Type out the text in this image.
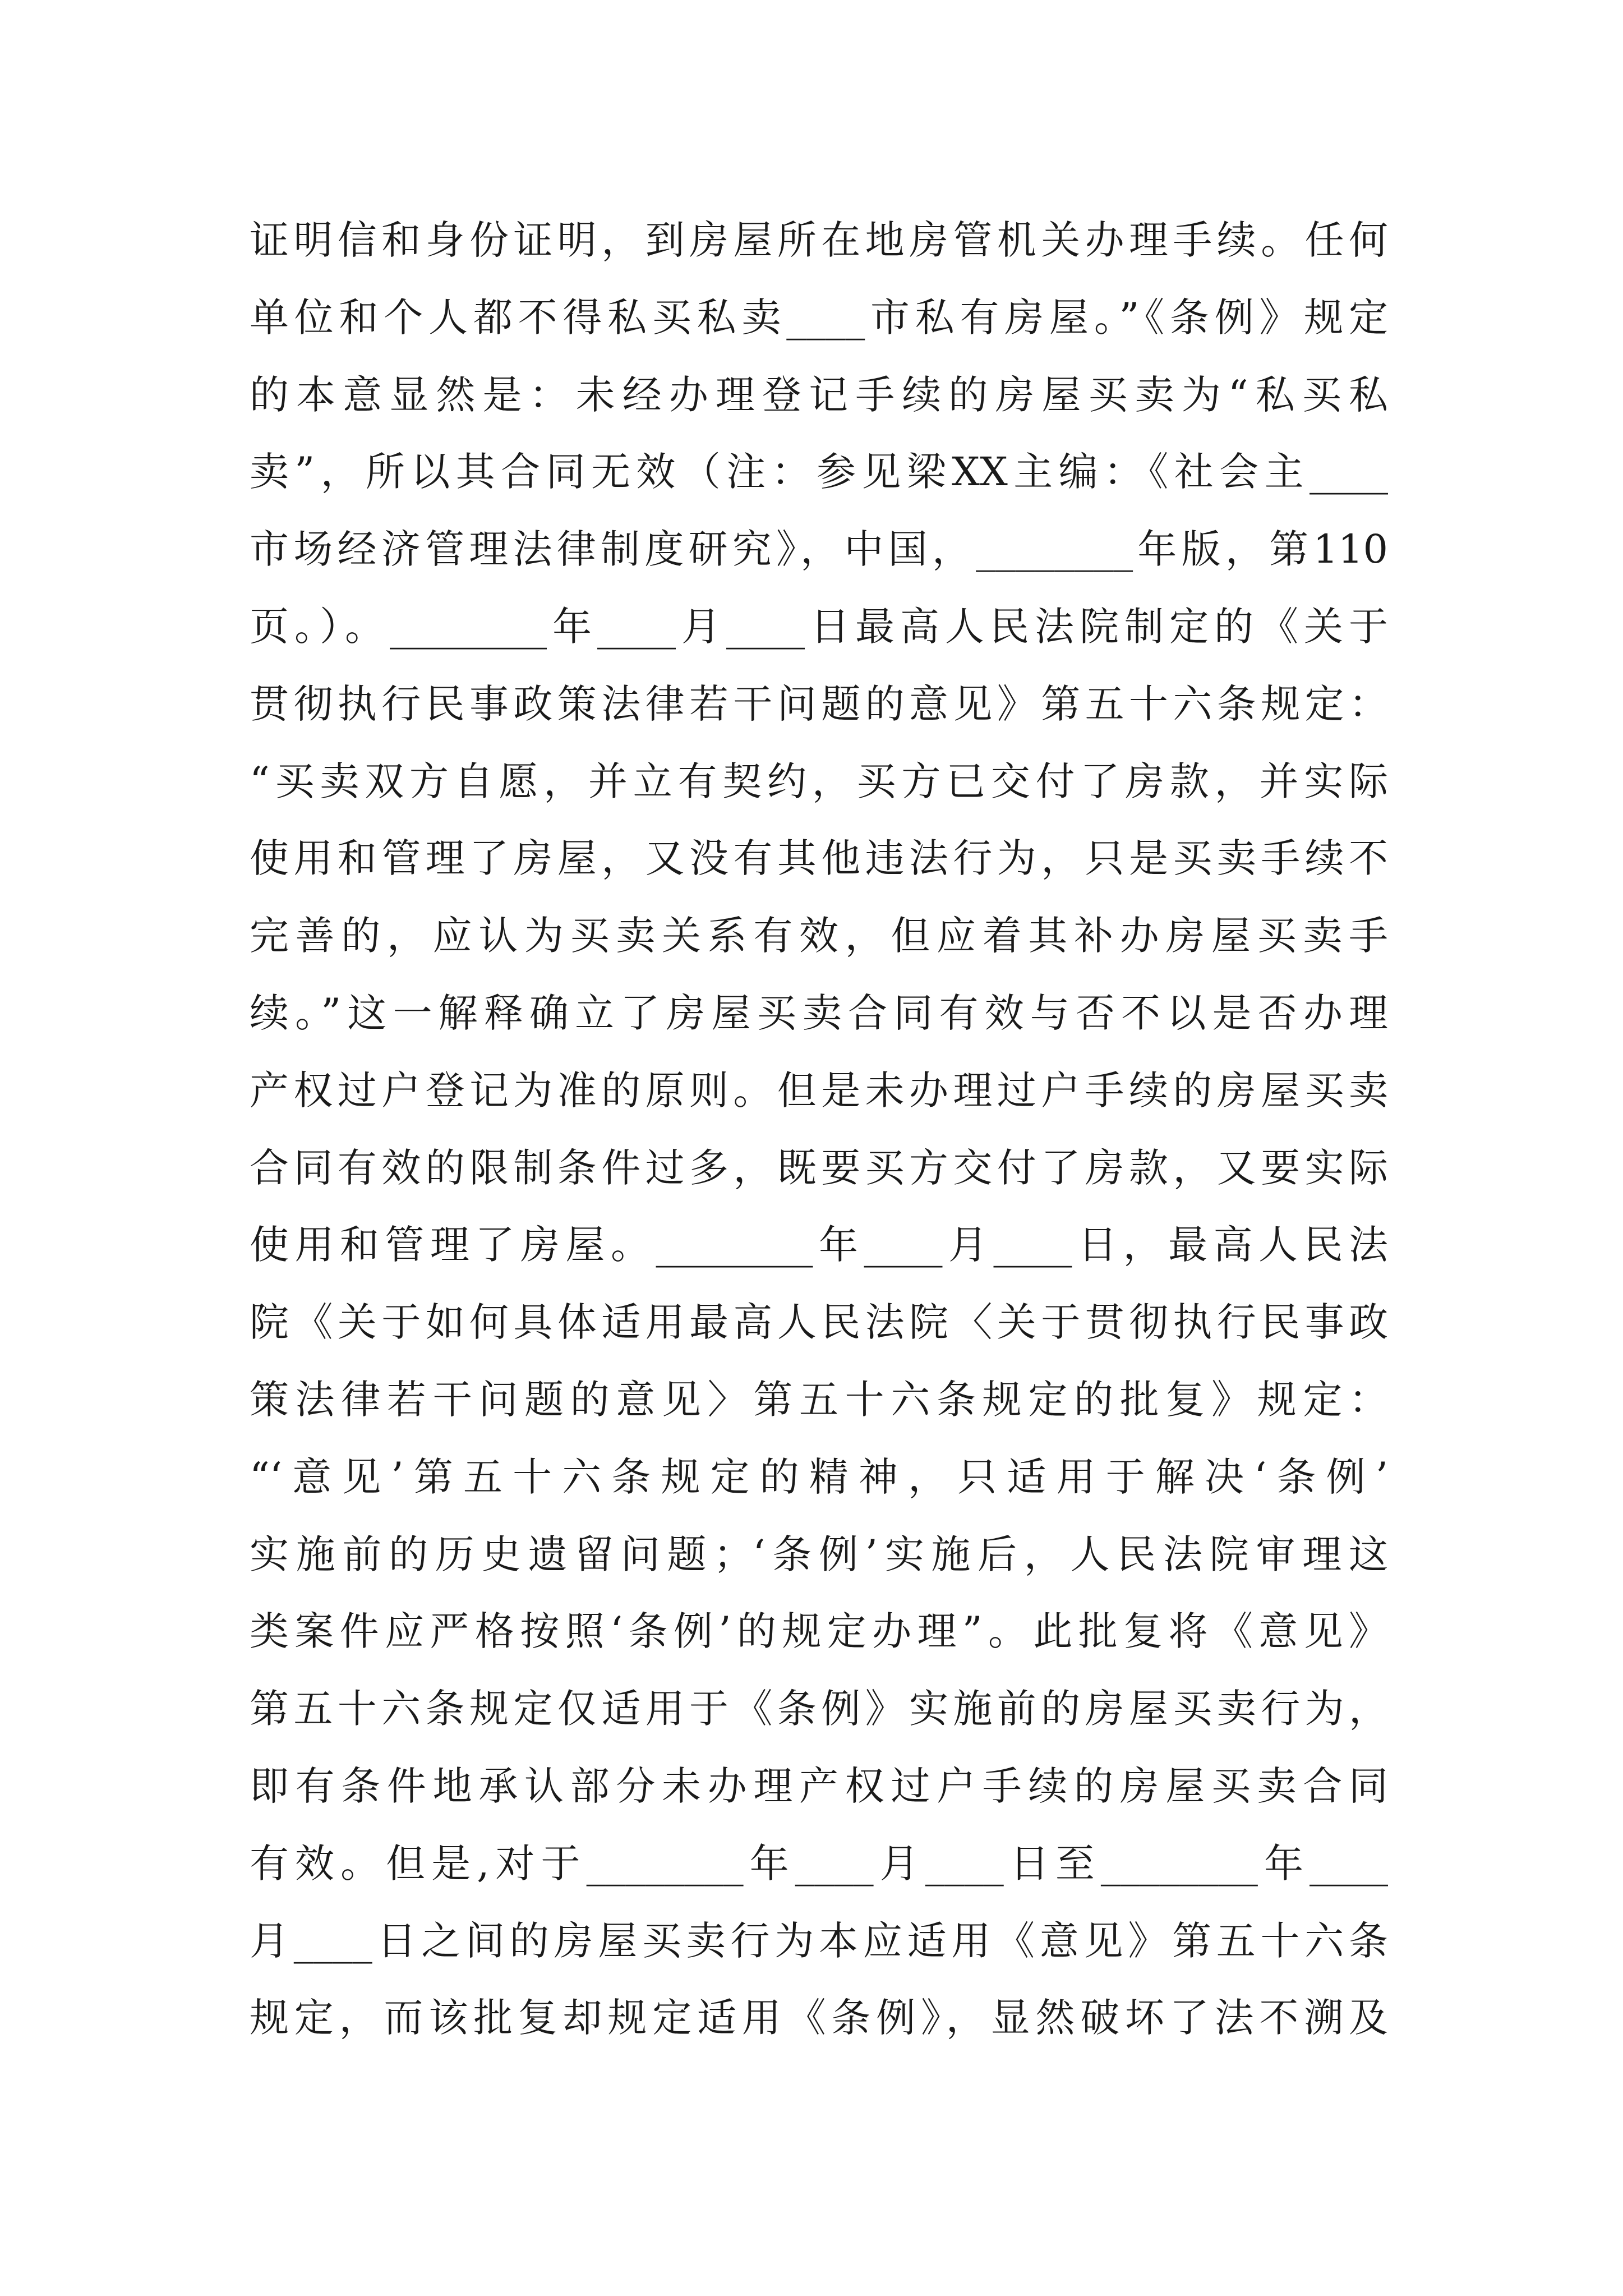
证明信和身份证明，到房屋所在地房管机关办理手续。任何
单位和个人都不得私买私卖____市私有房屋。”《条例》规定
的本意显然是：未经办理登记手续的房屋买卖为“私买私
卖”，所以其合同无效（注：参见梁XX主编：《社会主____
市场经济管理法律制度研究》，中国，________年版，第110
页。）。________年____月____日最高人民法院制定的《关于
贯彻执行民事政策法律若干问题的意见》第五十六条规定：
“买卖双方自愿，并立有契约，买方已交付了房款，并实际
使用和管理了房屋，又没有其他违法行为，只是买卖手续不
完善的，应认为买卖关系有效，但应着其补办房屋买卖手
续。”这一解释确立了房屋买卖合同有效与否不以是否办理
产权过户登记为准的原则。但是未办理过户手续的房屋买卖
合同有效的限制条件过多，既要买方交付了房款，又要实际
使用和管理了房屋。________年____月____日，最高人民法
院《关于如何具体适用最高人民法院〈关于贯彻执行民事政
策法律若干问题的意见〉第五十六条规定的批复》规定：
“‘意见’第五十六条规定的精神，只适用于解决‘条例’
实施前的历史遗留问题；‘条例’实施后，人民法院审理这
类案件应严格按照‘条例’的规定办理”。此批复将《意见》
第五十六条规定仅适用于《条例》实施前的房屋买卖行为，
即有条件地承认部分未办理产权过户手续的房屋买卖合同
有效。但是,对于________年____月____日至________年____
月____日之间的房屋买卖行为本应适用《意见》第五十六条
规定，而该批复却规定适用《条例》，显然破坏了法不溯及
